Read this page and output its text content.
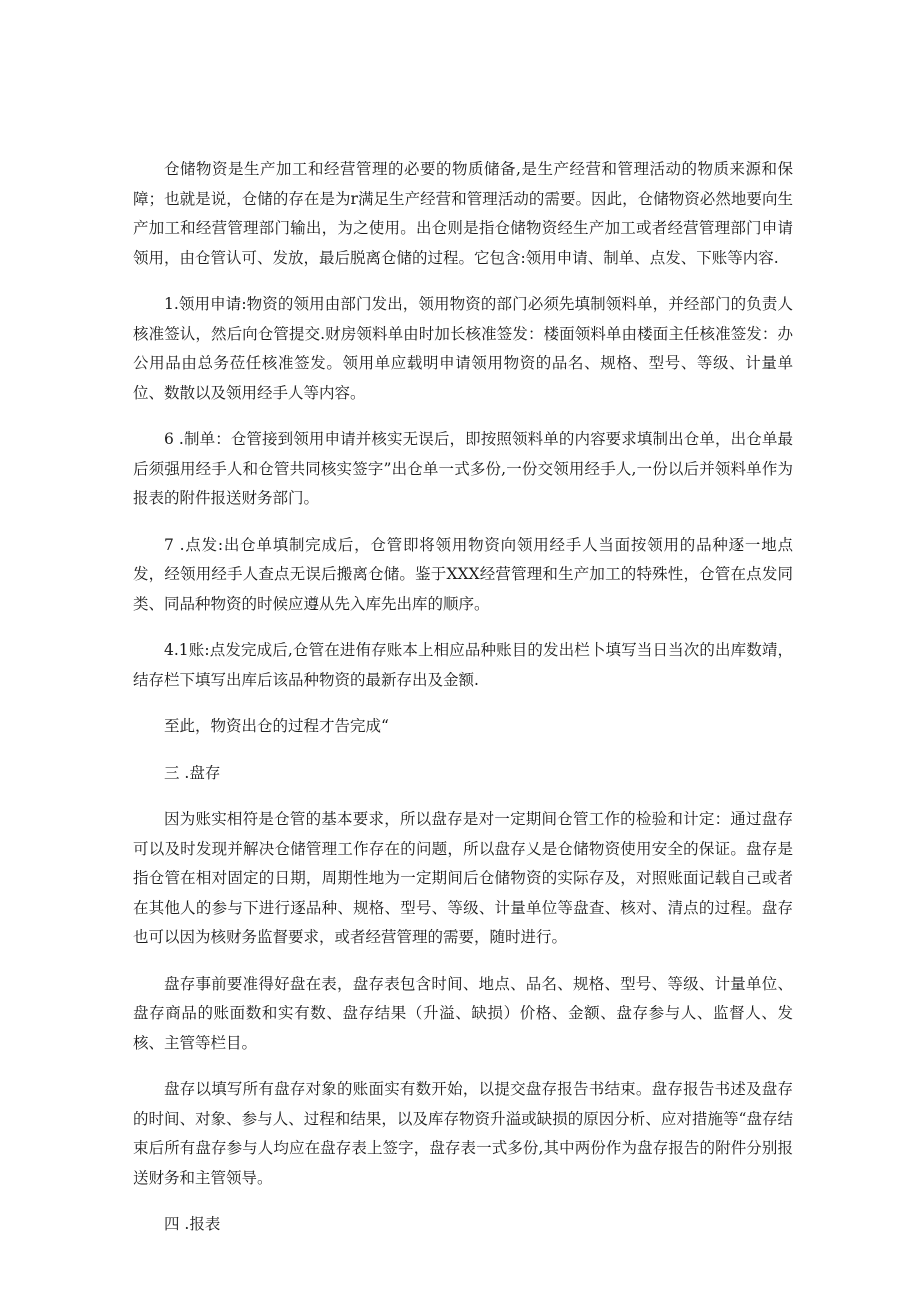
仓储物资是生产加工和经营管理的必要的物质储备,是生产经营和管理活动的物质来源和保障；也就是说，仓储的存在是为r满足生产经营和管理活动的需要。因此，仓储物资必然地要向生产加工和经营管理部门输出，为之使用。出仓则是指仓储物资经生产加工或者经营管理部门申请领用，由仓管认可、发放，最后脱离仓储的过程。它包含:领用申请、制单、点发、下账等内容.

1.领用申请:物资的领用由部门发出，领用物资的部门必须先填制领料单，并经部门的负责人核准签认，然后向仓管提交.财房领料单由时加长核准签发：楼面领料单由楼面主任核准签发：办公用品由总务莅任核准签发。领用单应载明申请领用物资的品名、规格、型号、等级、计量单位、数散以及领用经手人等内容。

6 .制单：仓管接到领用申请并核实无误后，即按照领料单的内容要求填制出仓单，出仓单最后须强用经手人和仓管共同核实签字”出仓单一式多份,一份交领用经手人,一份以后并领料单作为报表的附件报送财务部门。

7 .点发:出仓单填制完成后，仓管即将领用物资向领用经手人当面按领用的品种逐一地点发，经领用经手人查点无误后搬离仓储。鉴于XXX经营管理和生产加工的特殊性，仓管在点发同类、同品种物资的时候应遵从先入库先出库的顺序。

4.1账:点发完成后,仓管在进侑存账本上相应品种账目的发出栏卜填写当日当次的出库数靖，结存栏下填写出库后该品种物资的最新存出及金额.

至此，物资出仓的过程才告完成“

三 .盘存

因为账实相符是仓管的基本要求，所以盘存是对一定期间仓管工作的检验和计定：通过盘存可以及时发现并解决仓储管理工作存在的问题，所以盘存乂是仓储物资使用安全的保证。盘存是指仓管在相对固定的日期，周期性地为一定期间后仓储物资的实际存及，对照账面记载自己或者在其他人的参与下进行逐品种、规格、型号、等级、计量单位等盘查、核对、清点的过程。盘存也可以因为核财务监督要求，或者经营管理的需要，随时进行。

盘存事前要准得好盘在表，盘存表包含时间、地点、品名、规格、型号、等级、计量单位、盘存商品的账面数和实有数、盘存结果（升溢、缺损）价格、金额、盘存参与人、监督人、发核、主管等栏目。

盘存以填写所有盘存对象的账面实有数开始，以提交盘存报告书结束。盘存报告书述及盘存的时间、对象、参与人、过程和结果，以及库存物资升溢或缺损的原因分析、应对措施等“盘存结束后所有盘存参与人均应在盘存表上签字，盘存表一式多份,其中两份作为盘存报告的附件分别报送财务和主管领导。

四 .报表
